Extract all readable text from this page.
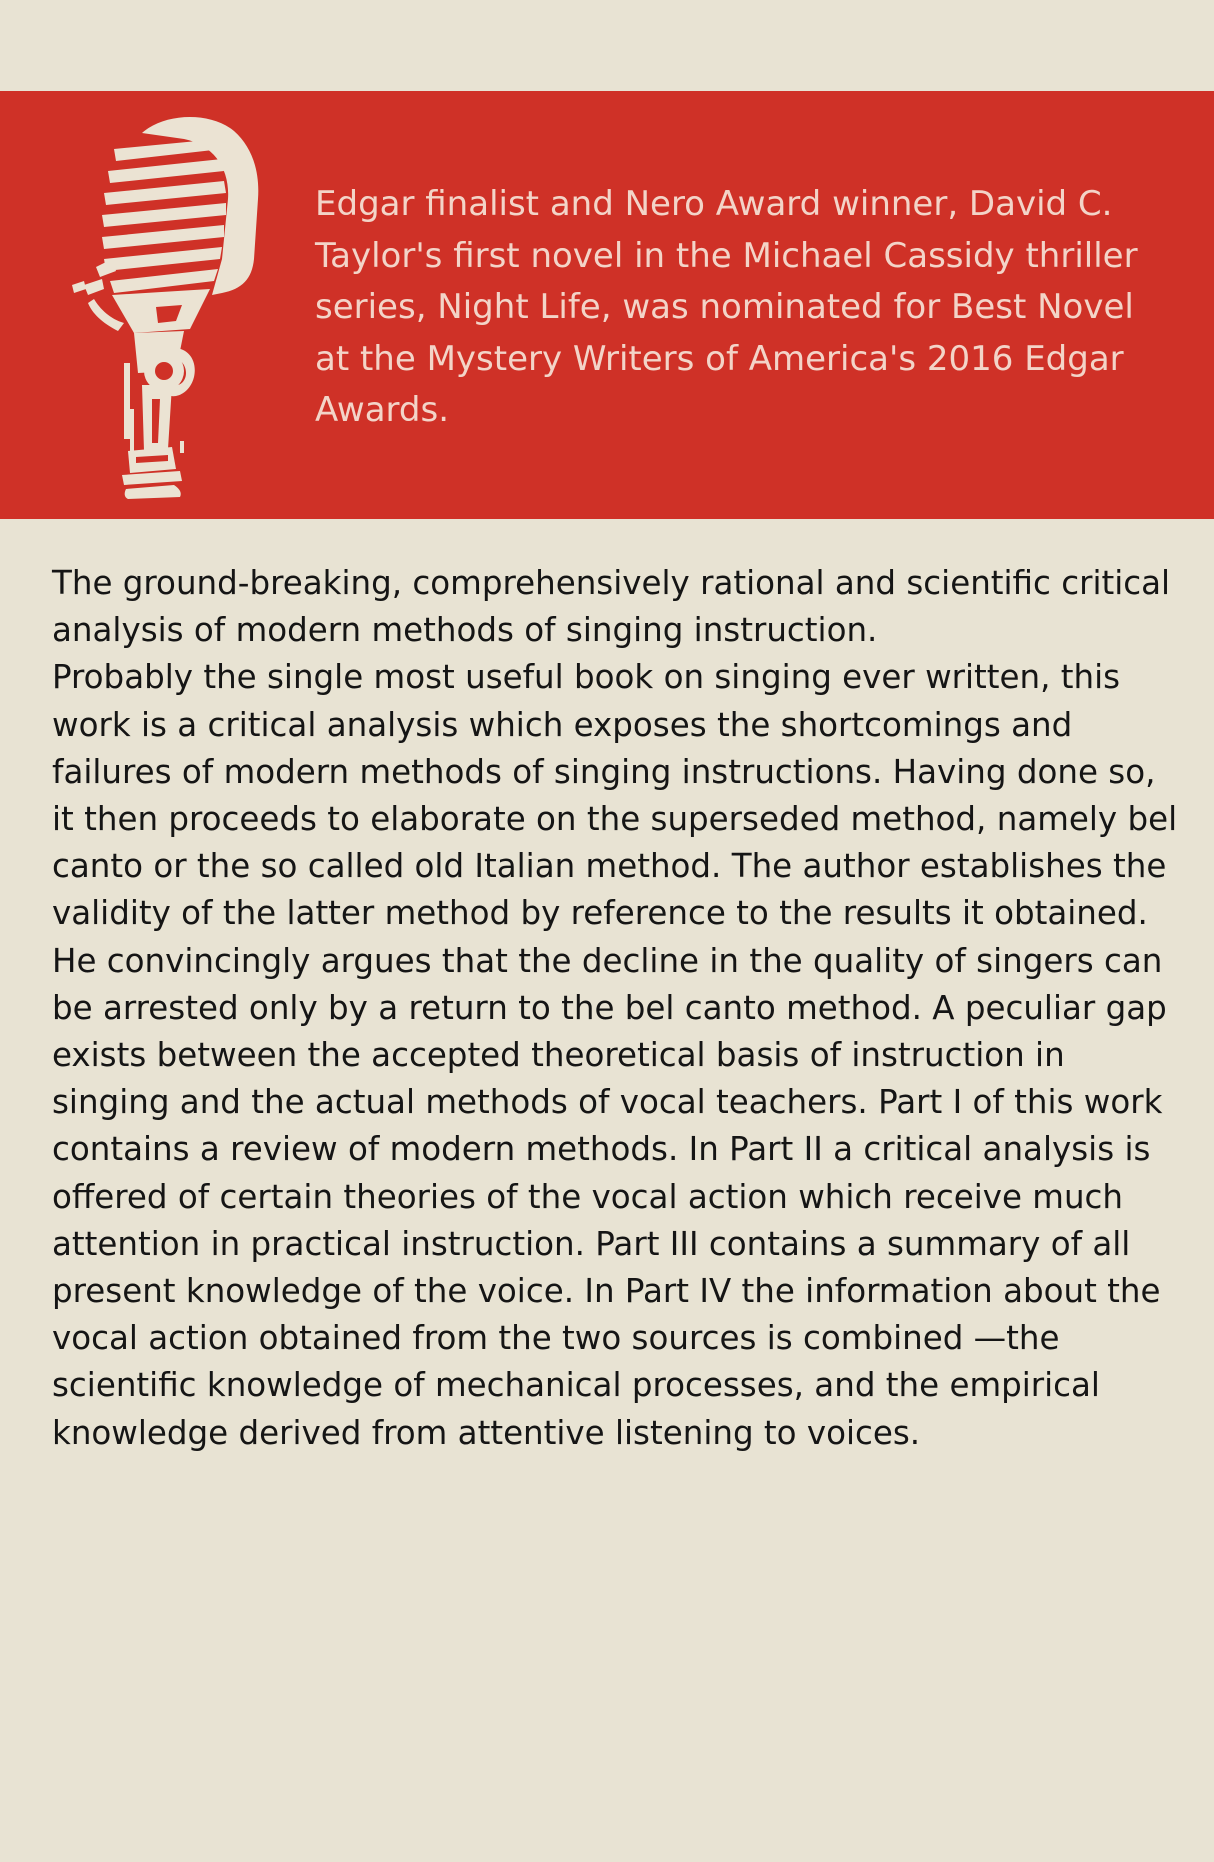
Edgar finalist and Nero Award winner, David C. Taylor's first novel in the Michael Cassidy thriller series, Night Life, was nominated for Best Novel at the Mystery Writers of America's 2016 Edgar Awards.

The ground-breaking, comprehensively rational and scientific critical analysis of modern methods of singing instruction.

Probably the single most useful book on singing ever written, this work is a critical analysis which exposes the shortcomings and failures of modern methods of singing instructions. Having done so, it then proceeds to elaborate on the superseded method, namely bel canto or the so called old Italian method. The author establishes the validity of the latter method by reference to the results it obtained. He convincingly argues that the decline in the quality of singers can be arrested only by a return to the bel canto method. A peculiar gap exists between the accepted theoretical basis of instruction in singing and the actual methods of vocal teachers. Part I of this work contains a review of modern methods. In Part II a critical analysis is offered of certain theories of the vocal action which receive much attention in practical instruction. Part III contains a summary of all present knowledge of the voice. In Part IV the information about the vocal action obtained from the two sources is combined —the scientific knowledge of mechanical processes, and the empirical knowledge derived from attentive listening to voices.
